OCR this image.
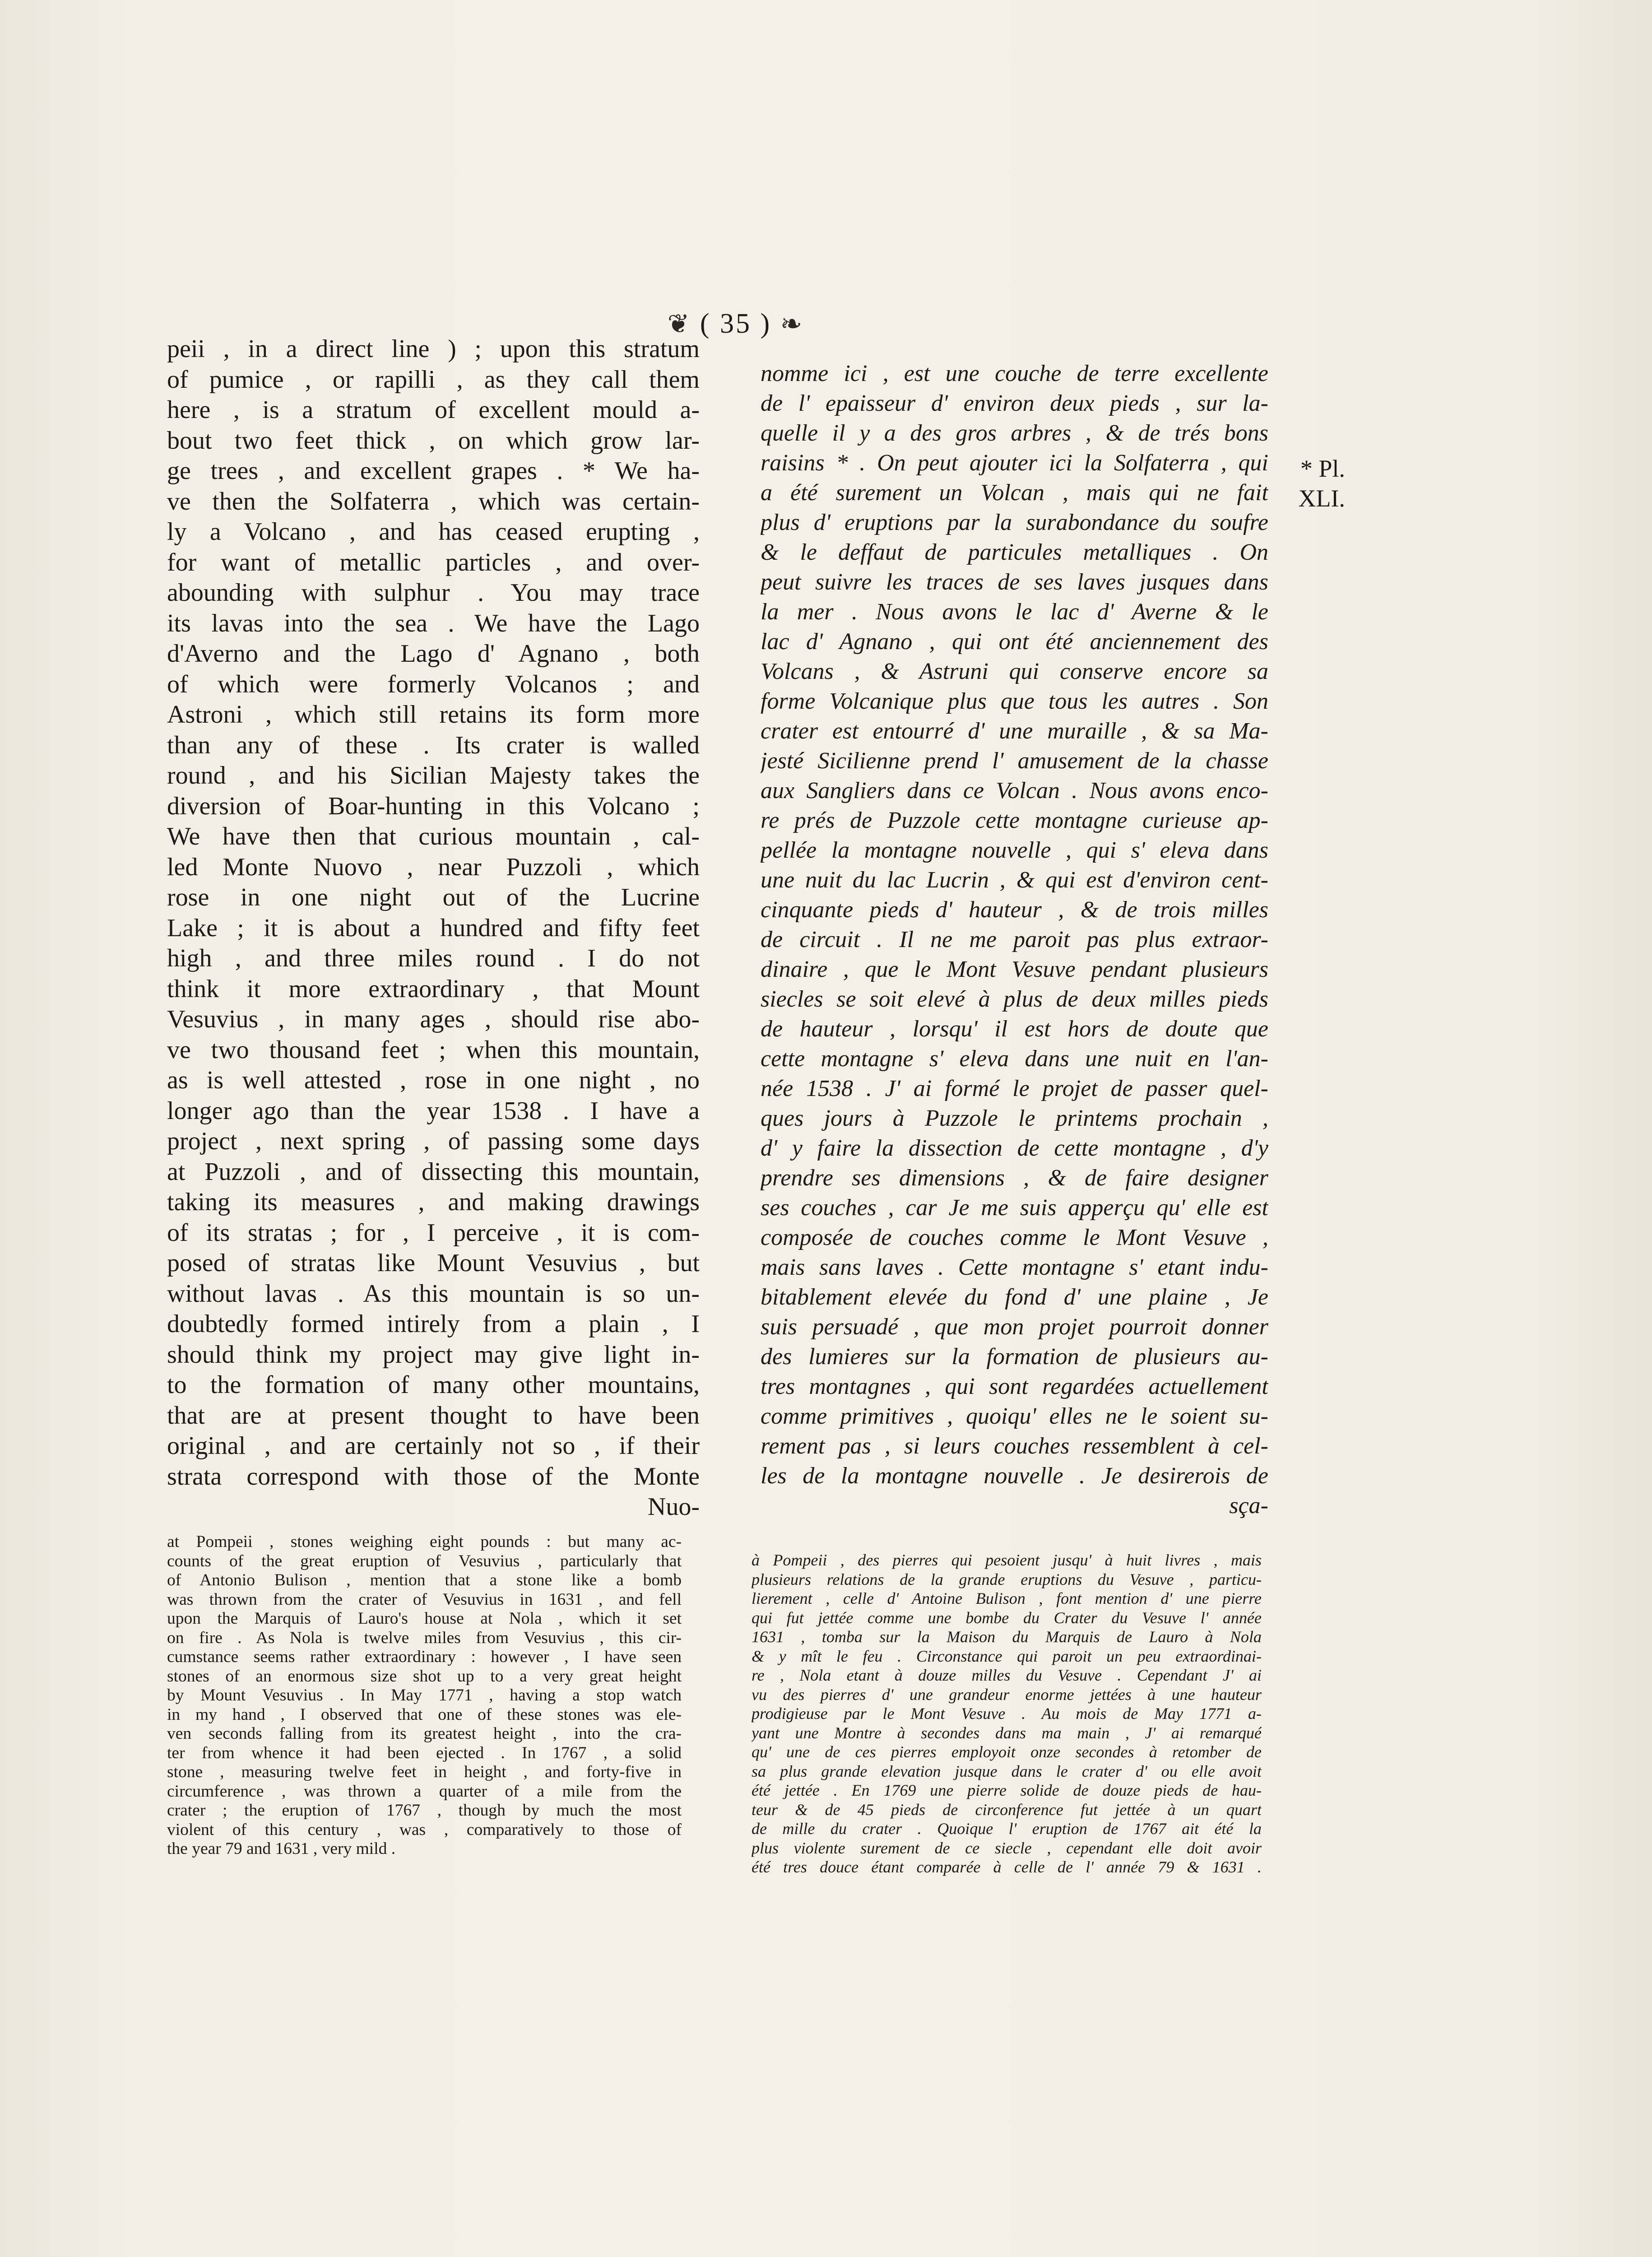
❦ ( 35 ) ❧
peii , in a direct line ) ; upon this stratum
of pumice , or rapilli , as they call them
here , is a stratum of excellent mould a-
bout two feet thick , on which grow lar-
ge trees , and excellent grapes . * We ha-
ve then the Solfaterra , which was certain-
ly a Volcano , and has ceased erupting ,
for want of metallic particles , and over-
abounding with sulphur . You may trace
its lavas into the sea . We have the Lago
d'Averno and the Lago d' Agnano , both
of which were formerly Volcanos ; and
Astroni , which still retains its form more
than any of these . Its crater is walled
round , and his Sicilian Majesty takes the
diversion of Boar-hunting in this Volcano ;
We have then that curious mountain , cal-
led Monte Nuovo , near Puzzoli , which
rose in one night out of the Lucrine
Lake ; it is about a hundred and fifty feet
high , and three miles round . I do not
think it more extraordinary , that Mount
Vesuvius , in many ages , should rise abo-
ve two thousand feet ; when this mountain,
as is well attested , rose in one night , no
longer ago than the year 1538 . I have a
project , next spring , of passing some days
at Puzzoli , and of dissecting this mountain,
taking its measures , and making drawings
of its stratas ; for , I perceive , it is com-
posed of stratas like Mount Vesuvius , but
without lavas . As this mountain is so un-
doubtedly formed intirely from a plain , I
should think my project may give light in-
to the formation of many other mountains,
that are at present thought to have been
original , and are certainly not so , if their
strata correspond with those of the Monte
Nuo-
nomme ici , est une couche de terre excellente
de l' epaisseur d' environ deux pieds , sur la-
quelle il y a des gros arbres , & de trés bons
raisins * . On peut ajouter ici la Solfaterra , qui
a été surement un Volcan , mais qui ne fait
plus d' eruptions par la surabondance du soufre
& le deffaut de particules metalliques . On
peut suivre les traces de ses laves jusques dans
la mer . Nous avons le lac d' Averne & le
lac d' Agnano , qui ont été anciennement des
Volcans , & Astruni qui conserve encore sa
forme Volcanique plus que tous les autres . Son
crater est entourré d' une muraille , & sa Ma-
jesté Sicilienne prend l' amusement de la chasse
aux Sangliers dans ce Volcan . Nous avons enco-
re prés de Puzzole cette montagne curieuse ap-
pellée la montagne nouvelle , qui s' eleva dans
une nuit du lac Lucrin , & qui est d'environ cent-
cinquante pieds d' hauteur , & de trois milles
de circuit . Il ne me paroit pas plus extraor-
dinaire , que le Mont Vesuve pendant plusieurs
siecles se soit elevé à plus de deux milles pieds
de hauteur , lorsqu' il est hors de doute que
cette montagne s' eleva dans une nuit en l'an-
née 1538 . J' ai formé le projet de passer quel-
ques jours à Puzzole le printems prochain ,
d' y faire la dissection de cette montagne , d'y
prendre ses dimensions , & de faire designer
ses couches , car Je me suis apperçu qu' elle est
composée de couches comme le Mont Vesuve ,
mais sans laves . Cette montagne s' etant indu-
bitablement elevée du fond d' une plaine , Je
suis persuadé , que mon projet pourroit donner
des lumieres sur la formation de plusieurs au-
tres montagnes , qui sont regardées actuellement
comme primitives , quoiqu' elles ne le soient su-
rement pas , si leurs couches ressemblent à cel-
les de la montagne nouvelle . Je desirerois de
sça-
* Pl.
XLI.
at Pompeii , stones weighing eight pounds : but many ac-
counts of the great eruption of Vesuvius , particularly that
of Antonio Bulison , mention that a stone like a bomb
was thrown from the crater of Vesuvius in 1631 , and fell
upon the Marquis of Lauro's house at Nola , which it set
on fire . As Nola is twelve miles from Vesuvius , this cir-
cumstance seems rather extraordinary : however , I have seen
stones of an enormous size shot up to a very great height
by Mount Vesuvius . In May 1771 , having a stop watch
in my hand , I observed that one of these stones was ele-
ven seconds falling from its greatest height , into the cra-
ter from whence it had been ejected . In 1767 , a solid
stone , measuring twelve feet in height , and forty-five in
circumference , was thrown a quarter of a mile from the
crater ; the eruption of 1767 , though by much the most
violent of this century , was , comparatively to those of
the year 79 and 1631 , very mild .
à Pompeii , des pierres qui pesoient jusqu' à huit livres , mais
plusieurs relations de la grande eruptions du Vesuve , particu-
lierement , celle d' Antoine Bulison , font mention d' une pierre
qui fut jettée comme une bombe du Crater du Vesuve l' année
1631 , tomba sur la Maison du Marquis de Lauro à Nola
& y mît le feu . Circonstance qui paroit un peu extraordinai-
re , Nola etant à douze milles du Vesuve . Cependant J' ai
vu des pierres d' une grandeur enorme jettées à une hauteur
prodigieuse par le Mont Vesuve . Au mois de May 1771 a-
yant une Montre à secondes dans ma main , J' ai remarqué
qu' une de ces pierres employoit onze secondes à retomber de
sa plus grande elevation jusque dans le crater d' ou elle avoit
été jettée . En 1769 une pierre solide de douze pieds de hau-
teur & de 45 pieds de circonference fut jettée à un quart
de mille du crater . Quoique l' eruption de 1767 ait été la
plus violente surement de ce siecle , cependant elle doit avoir
été tres douce étant comparée à celle de l' année 79 & 1631 .
